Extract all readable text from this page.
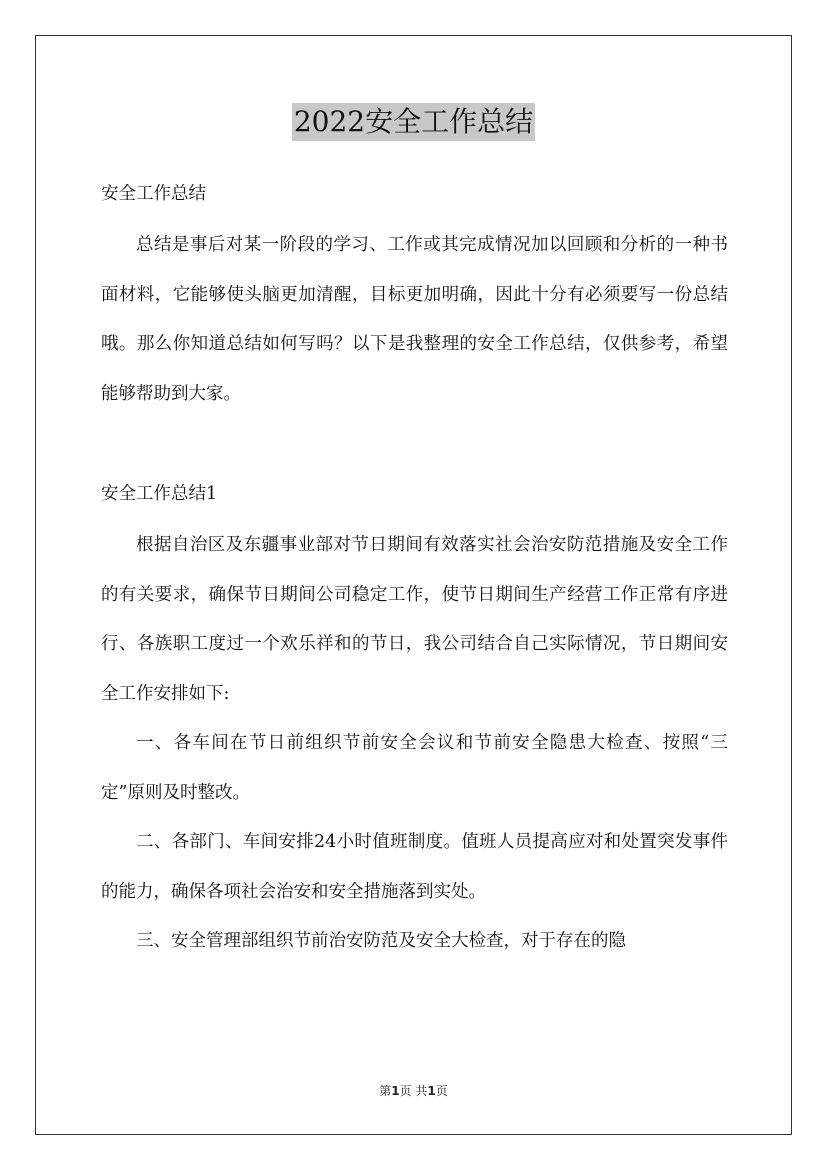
2022安全工作总结

安全工作总结

总结是事后对某一阶段的学习、工作或其完成情况加以回顾和分析的一种书面材料，它能够使头脑更加清醒，目标更加明确，因此十分有必须要写一份总结哦。那么你知道总结如何写吗？以下是我整理的安全工作总结，仅供参考，希望能够帮助到大家。

安全工作总结1

根据自治区及东疆事业部对节日期间有效落实社会治安防范措施及安全工作的有关要求，确保节日期间公司稳定工作，使节日期间生产经营工作正常有序进行、各族职工度过一个欢乐祥和的节日，我公司结合自己实际情况，节日期间安全工作安排如下:

一、各车间在节日前组织节前安全会议和节前安全隐患大检查、按照“三定”原则及时整改。

二、各部门、车间安排24小时值班制度。值班人员提高应对和处置突发事件的能力，确保各项社会治安和安全措施落到实处。

三、安全管理部组织节前治安防范及安全大检查，对于存在的隐

第1页 共1页
